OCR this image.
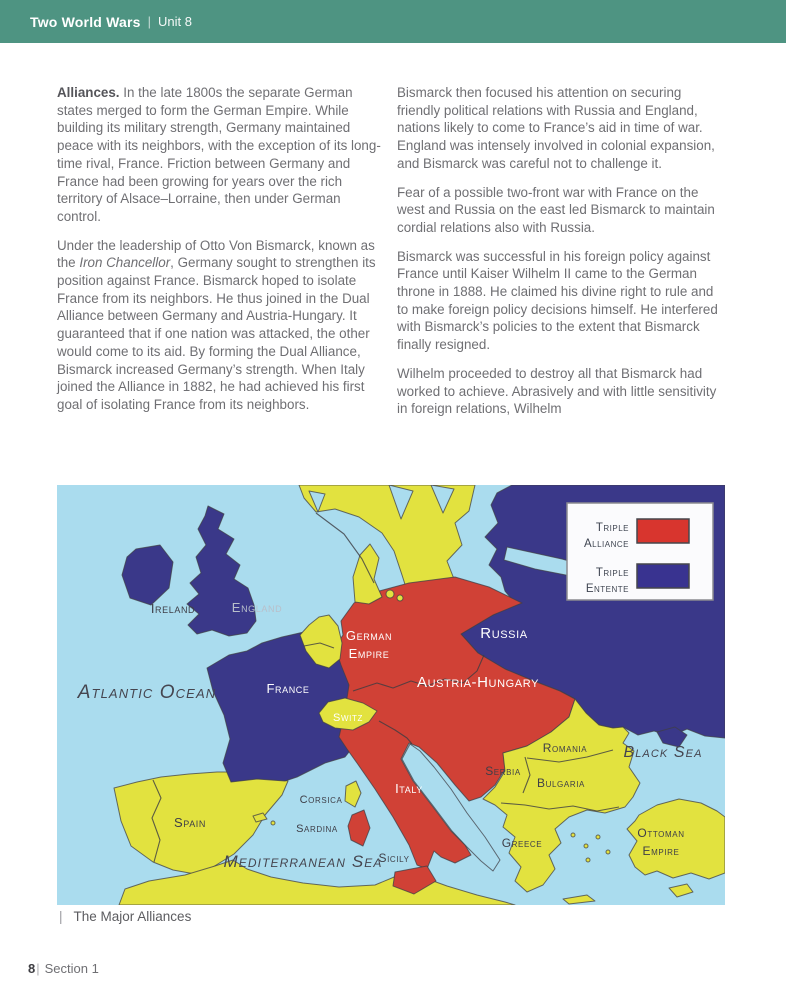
Two World Wars | Unit 8

Alliances. In the late 1800s the separate German states merged to form the German Empire. While building its military strength, Germany maintained peace with its neighbors, with the exception of its long-time rival, France. Friction between Germany and France had been growing for years over the rich territory of Alsace–Lorraine, then under German control.

Under the leadership of Otto Von Bismarck, known as the Iron Chancellor, Germany sought to strengthen its position against France. Bismarck hoped to isolate France from its neighbors. He thus joined in the Dual Alliance between Germany and Austria-Hungary. It guaranteed that if one nation was attacked, the other would come to its aid. By forming the Dual Alliance, Bismarck increased Germany’s strength. When Italy joined the Alliance in 1882, he had achieved his first goal of isolating France from its neighbors.

Bismarck then focused his attention on securing friendly political relations with Russia and England, nations likely to come to France’s aid in time of war. England was intensely involved in colonial expansion, and Bismarck was careful not to challenge it.

Fear of a possible two-front war with France on the west and Russia on the east led Bismarck to maintain cordial relations also with Russia.

Bismarck was successful in his foreign policy against France until Kaiser Wilhelm II came to the German throne in 1888. He claimed his divine right to rule and to make foreign policy decisions himself. He interfered with Bismarck’s policies to the extent that Bismarck finally resigned.

Wilhelm proceeded to destroy all that Bismarck had worked to achieve. Abrasively and with little sensitivity in foreign relations, Wilhelm

Ireland	England
Atlantic Ocean	France
German
Empire
Switz
Russia
Austria-Hungary
Romania Black Sea
Serbia
Bulgaria
Italy
Corsica
Sardina
Spain
Mediterranean Sea
Sicily
Greece
Ottoman
Empire
Triple
Alliance
Triple
Entente
| The Major Alliances
8| Section 1
